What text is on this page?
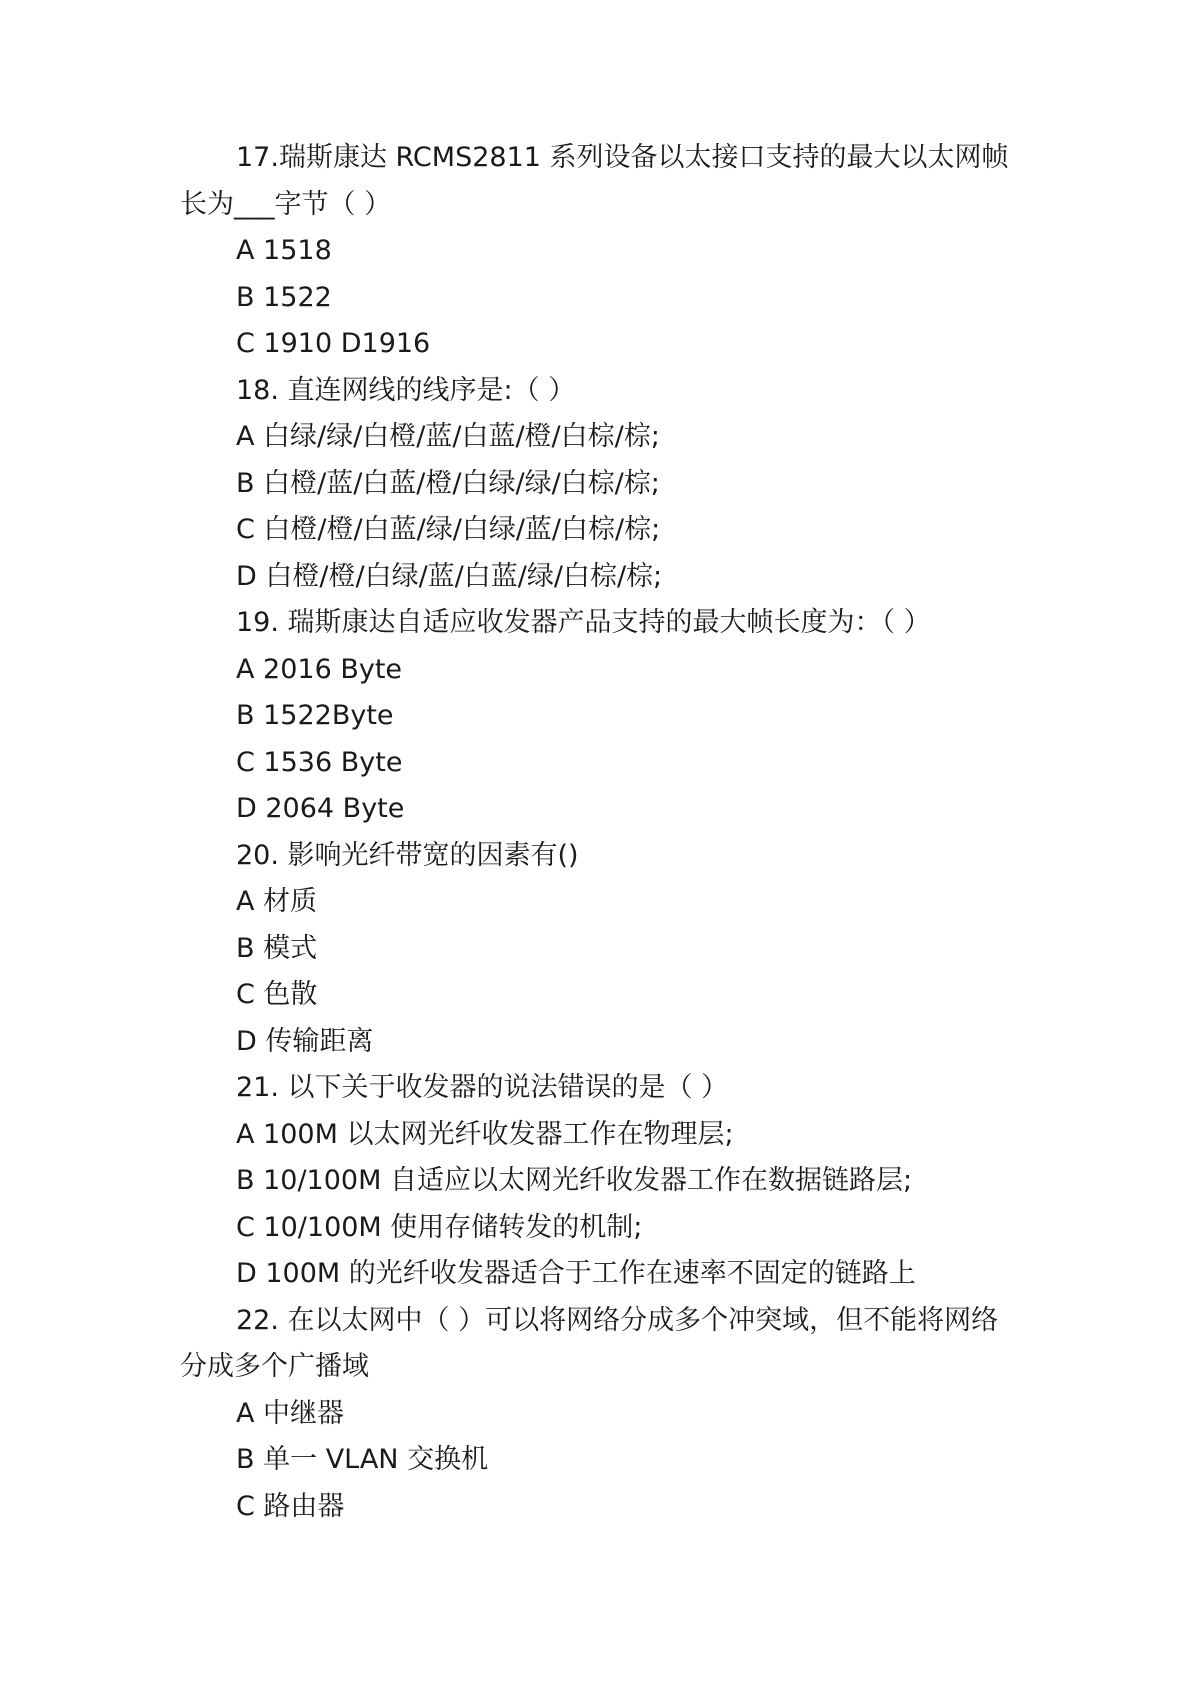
17.瑞斯康达 RCMS2811 系列设备以太接口支持的最大以太网帧长为___字节（ ）

A 1518

B 1522

C 1910 D1916

18. 直连网线的线序是:（ ）

A 白绿/绿/白橙/蓝/白蓝/橙/白棕/棕;

B 白橙/蓝/白蓝/橙/白绿/绿/白棕/棕;

C 白橙/橙/白蓝/绿/白绿/蓝/白棕/棕;

D 白橙/橙/白绿/蓝/白蓝/绿/白棕/棕;

19. 瑞斯康达自适应收发器产品支持的最大帧长度为：（ ）

A 2016 Byte

B 1522Byte

C 1536 Byte

D 2064 Byte

20. 影响光纤带宽的因素有()

A 材质

B 模式

C 色散

D 传输距离

21. 以下关于收发器的说法错误的是（ ）

A 100M 以太网光纤收发器工作在物理层;

B 10/100M 自适应以太网光纤收发器工作在数据链路层;

C 10/100M 使用存储转发的机制;

D 100M 的光纤收发器适合于工作在速率不固定的链路上

22. 在以太网中（ ）可以将网络分成多个冲突域，但不能将网络分成多个广播域

A 中继器

B 单一 VLAN 交换机

C 路由器
